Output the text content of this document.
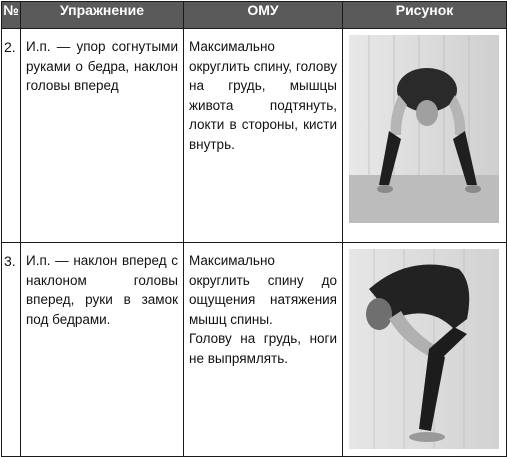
№	Упражнение	ОМУ	Рисунок
2.	И.п. — упор согнутыми руками о бедра, наклон головы вперед	Максимально округлить спину, голову на грудь, мышцы живота подтянуть, локти в стороны, кисти внутрь.

3.	И.п. — наклон вперед с наклоном головы вперед, руки в замок под бедрами.	Максимально округлить спину до ощущения натяжения мышц спины.

Голову на грудь, ноги не выпрямлять.
